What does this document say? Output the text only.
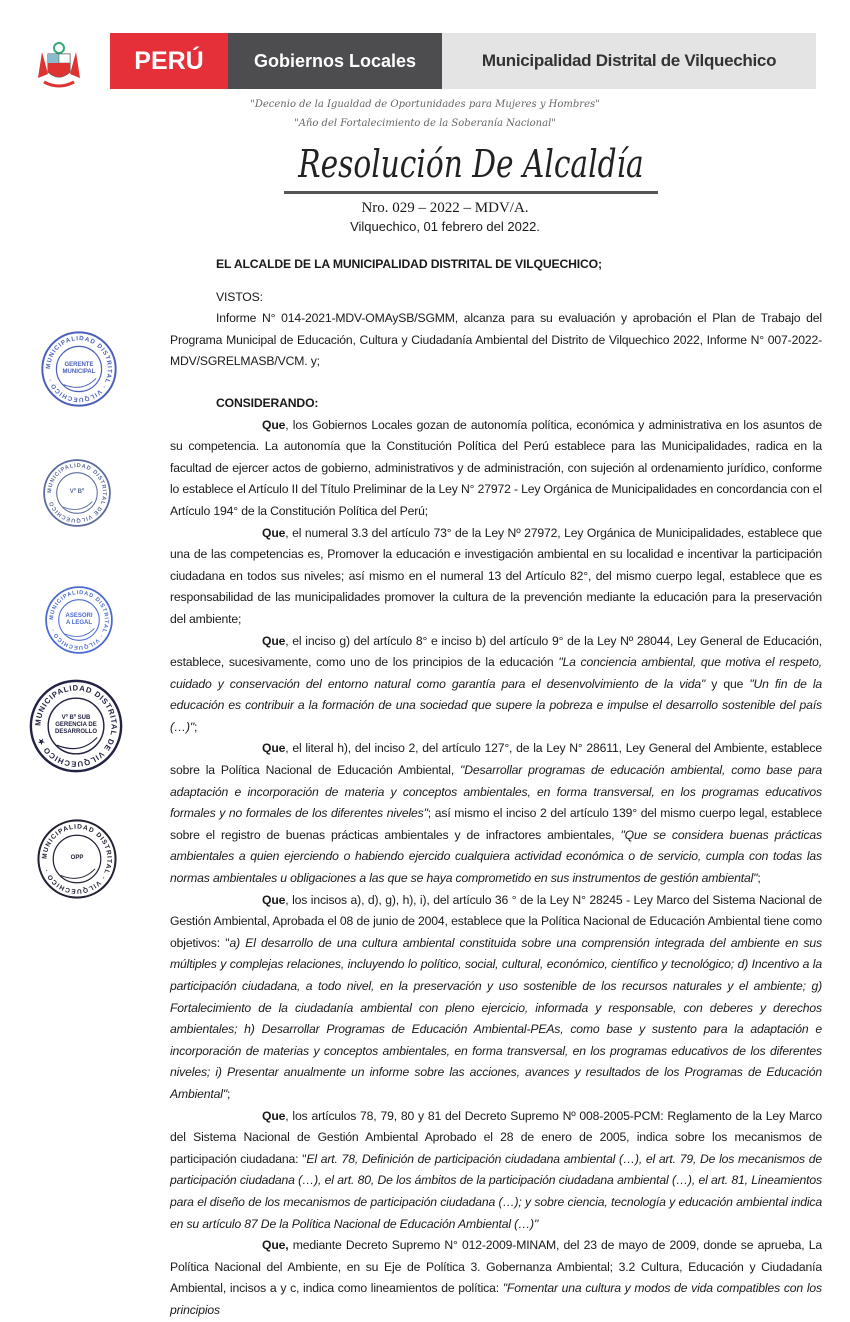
PERÚ	Gobiernos Locales	Municipalidad Distrital de Vilquechico
"Decenio de la Igualdad de Oportunidades para Mujeres y Hombres"
"Año del Fortalecimiento de la Soberanía Nacional"
Resolución De Alcaldía
Nro. 029 – 2022 – MDV/A.
Vilquechico, 01 febrero del 2022.
EL ALCALDE DE LA MUNICIPALIDAD DISTRITAL DE VILQUECHICO;
VISTOS:

Informe N° 014-2021-MDV-OMAySB/SGMM, alcanza para su evaluación y aprobación el Plan de Trabajo del Programa Municipal de Educación, Cultura y Ciudadanía Ambiental del Distrito de Vilquechico 2022, Informe N° 007-2022-MDV/SGRELMASB/VCM. y;

CONSIDERANDO:

Que, los Gobiernos Locales gozan de autonomía política, económica y administrativa en los asuntos de su competencia. La autonomía que la Constitución Política del Perú establece para las Municipalidades, radica en la facultad de ejercer actos de gobierno, administrativos y de administración, con sujeción al ordenamiento jurídico, conforme lo establece el Artículo II del Título Preliminar de la Ley N° 27972 - Ley Orgánica de Municipalidades en concordancia con el Artículo 194° de la Constitución Política del Perú;

Que, el numeral 3.3 del artículo 73° de la Ley Nº 27972, Ley Orgánica de Municipalidades, establece que una de las competencias es, Promover la educación e investigación ambiental en su localidad e incentivar la participación ciudadana en todos sus niveles; así mismo en el numeral 13 del Artículo 82°, del mismo cuerpo legal, establece que es responsabilidad de las municipalidades promover la cultura de la prevención mediante la educación para la preservación del ambiente;

Que, el inciso g) del artículo 8° e inciso b) del artículo 9° de la Ley Nº 28044, Ley General de Educación, establece, sucesivamente, como uno de los principios de la educación "La conciencia ambiental, que motiva el respeto, cuidado y conservación del entorno natural como garantía para el desenvolvimiento de la vida" y que "Un fin de la educación es contribuir a la formación de una sociedad que supere la pobreza e impulse el desarrollo sostenible del país (…)";

Que, el literal h), del inciso 2, del artículo 127°, de la Ley N° 28611, Ley General del Ambiente, establece sobre la Política Nacional de Educación Ambiental, "Desarrollar programas de educación ambiental, como base para adaptación e incorporación de materia y conceptos ambientales, en forma transversal, en los programas educativos formales y no formales de los diferentes niveles"; así mismo el inciso 2 del artículo 139° del mismo cuerpo legal, establece sobre el registro de buenas prácticas ambientales y de infractores ambientales, "Que se considera buenas prácticas ambientales a quien ejerciendo o habiendo ejercido cualquiera actividad económica o de servicio, cumpla con todas las normas ambientales u obligaciones a las que se haya comprometido en sus instrumentos de gestión ambiental";

Que, los incisos a), d), g), h), i), del artículo 36 ° de la Ley N° 28245 - Ley Marco del Sistema Nacional de Gestión Ambiental, Aprobada el 08 de junio de 2004, establece que la Política Nacional de Educación Ambiental tiene como objetivos: "a) El desarrollo de una cultura ambiental constituida sobre una comprensión integrada del ambiente en sus múltiples y complejas relaciones, incluyendo lo político, social, cultural, económico, científico y tecnológico; d) Incentivo a la participación ciudadana, a todo nivel, en la preservación y uso sostenible de los recursos naturales y el ambiente; g) Fortalecimiento de la ciudadanía ambiental con pleno ejercicio, informada y responsable, con deberes y derechos ambientales; h) Desarrollar Programas de Educación Ambiental-PEAs, como base y sustento para la adaptación e incorporación de materias y conceptos ambientales, en forma transversal, en los programas educativos de los diferentes niveles; i) Presentar anualmente un informe sobre las acciones, avances y resultados de los Programas de Educación Ambiental";

Que, los artículos 78, 79, 80 y 81 del Decreto Supremo Nº 008-2005-PCM: Reglamento de la Ley Marco del Sistema Nacional de Gestión Ambiental Aprobado el 28 de enero de 2005, indica sobre los mecanismos de participación ciudadana: "El art. 78, Definición de participación ciudadana ambiental (…), el art. 79, De los mecanismos de participación ciudadana (…), el art. 80, De los ámbitos de la participación ciudadana ambiental (…), el art. 81, Lineamientos para el diseño de los mecanismos de participación ciudadana (…); y sobre ciencia, tecnología y educación ambiental indica en su artículo 87 De la Política Nacional de Educación Ambiental (…)"

Que, mediante Decreto Supremo N° 012-2009-MINAM, del 23 de mayo de 2009, donde se aprueba, La Política Nacional del Ambiente, en su Eje de Política 3. Gobernanza Ambiental; 3.2 Cultura, Educación y Ciudadanía Ambiental, incisos a y c, indica como lineamientos de política: "Fomentar una cultura y modos de vida compatibles con los principios

MUNICIPALIDAD DISTRITAL · VILQUECHICO ·
GERENTE MUNICIPAL
MUNICIPALIDAD DISTRITAL DE VILQUECHICO
Vº Bº
MUNICIPALIDAD DISTRITAL · VILQUECHICO ·
ASESORIA LEGAL
MUNICIPALIDAD DISTRITAL DE VILQUECHICO ★
Vº Bº SUB GERENCIA DE DESARROLLO
MUNICIPALIDAD DISTRITAL · VILQUECHICO ·
OPP
